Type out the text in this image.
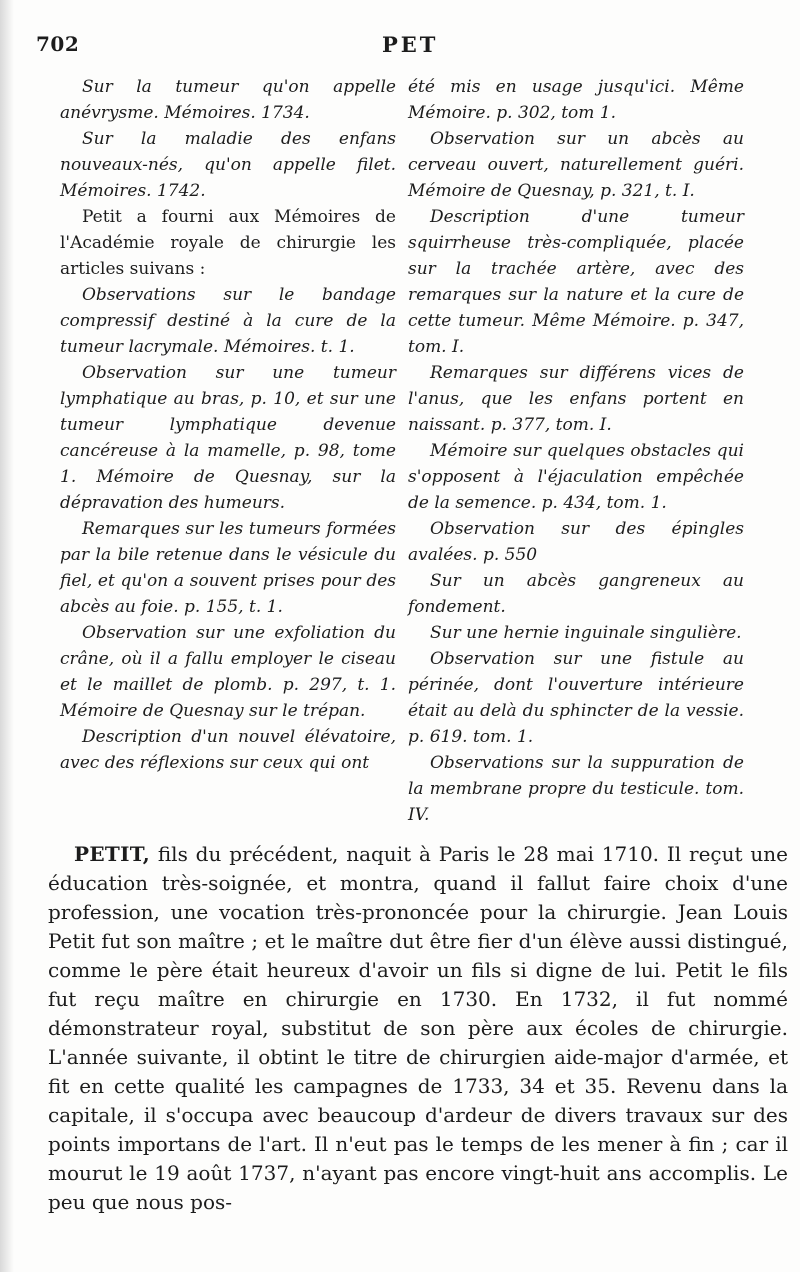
702	PET

Sur la tumeur qu'on appelle anévrysme. Mémoires. 1734.

Sur la maladie des enfans nouveaux-nés, qu'on appelle filet. Mémoires. 1742.

Petit a fourni aux Mémoires de l'Académie royale de chirurgie les articles suivans :

Observations sur le bandage compressif destiné à la cure de la tumeur lacrymale. Mémoires. t. 1.

Observation sur une tumeur lymphatique au bras, p. 10, et sur une tumeur lymphatique devenue cancéreuse à la mamelle, p. 98, tome 1. Mémoire de Quesnay, sur la dépravation des humeurs.

Remarques sur les tumeurs formées par la bile retenue dans le vésicule du fiel, et qu'on a souvent prises pour des abcès au foie. p. 155, t. 1.

Observation sur une exfoliation du crâne, où il a fallu employer le ciseau et le maillet de plomb. p. 297, t. 1. Mémoire de Quesnay sur le trépan.

Description d'un nouvel élévatoire, avec des réflexions sur ceux qui ont

été mis en usage jusqu'ici. Même Mémoire. p. 302, tom 1.

Observation sur un abcès au cerveau ouvert, naturellement guéri. Mémoire de Quesnay, p. 321, t. I.

Description d'une tumeur squirrheuse très-compliquée, placée sur la trachée artère, avec des remarques sur la nature et la cure de cette tumeur. Même Mémoire. p. 347, tom. I.

Remarques sur différens vices de l'anus, que les enfans portent en naissant. p. 377, tom. I.

Mémoire sur quelques obstacles qui s'opposent à l'éjaculation empêchée de la semence. p. 434, tom. 1.

Observation sur des épingles avalées. p. 550

Sur un abcès gangreneux au fondement.

Sur une hernie inguinale singulière.

Observation sur une fistule au périnée, dont l'ouverture intérieure était au delà du sphincter de la vessie. p. 619. tom. 1.

Observations sur la suppuration de la membrane propre du testicule. tom. IV.

PETIT, fils du précédent, naquit à Paris le 28 mai 1710. Il reçut une éducation très-soignée, et montra, quand il fallut faire choix d'une profession, une vocation très-prononcée pour la chirurgie. Jean Louis Petit fut son maître ; et le maître dut être fier d'un élève aussi distingué, comme le père était heureux d'avoir un fils si digne de lui. Petit le fils fut reçu maître en chirurgie en 1730. En 1732, il fut nommé démonstrateur royal, substitut de son père aux écoles de chirurgie. L'année suivante, il obtint le titre de chirurgien aide-major d'armée, et fit en cette qualité les campagnes de 1733, 34 et 35. Revenu dans la capitale, il s'occupa avec beaucoup d'ardeur de divers travaux sur des points importans de l'art. Il n'eut pas le temps de les mener à fin ; car il mourut le 19 août 1737, n'ayant pas encore vingt-huit ans accomplis. Le peu que nous pos-
